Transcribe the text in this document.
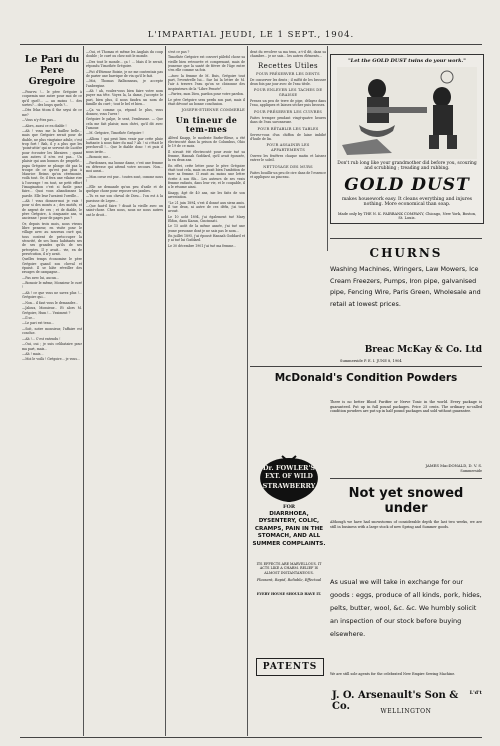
L'IMPARTIAL JEUDI, LE 1 SEPT., 1904.
Le Pari du Pere Gregoire

—Pourvu !... le père Grégoire à coquemin une autre pour moi de ce qu'il quel!... — au moins !... des sortes?... des loups quels ?...

—Dès lèlas titom il the seysi de ce me?

—Vous n'y êtes pas...

—Alors, aussi ce en diable !

—Ah ! vous me la baillez belle... mais que Grégoire serait pour de diable, ne plus vingtaine adule, c'est trop fort ! Bah, il y a plus que les 'point-attie' qui se servent de Lucifer pour écrouter les libraires ; quant aux autres il n'en est pas... Un plaisir qui aux bonnes de propiélé... papa Grégoire se plonge dit pas la troupe de ce qu'est pas plus à Maurice Reims qu'on cérémonie, voilà tout. Or, il fera une vilaine rire à l'ouvrage ! en tout, ne petit effort l'imagination c'est si facile pour faire... Quoi vous abandonnez la parole. Elle leur l'avaient l'oreille...

—Ah ! vous donnez-moi je vais ! pour si des monts a ; des motifs, et de argent de ces ; et de diable, le père Grégoire, à cinquante ans, si ancienne ! pour de pages pas ?

Or, depuis trois mois, nous vivons libre penseur, en visite pour le village avec au nouveau curé qui, tous content de préoccuper la sécurité, de ses bons habitants ses de ses grandes qu'ils de ses préceptes. Il y avait... vie, en de persécution, il n'y avait.

Quelles temps économise le père Grégoire quand son cheval et épuisé. Il se hâte réveiller des ravages de campagne...

—Pas avec lui, aucun...

—Bonsoir le même, Monsieur le curé !

—Ah ! ce que vous ne savez plus !... Grégoire qui...

—Non... il faut vous le demander...

—Jaloux, Monsieur... Et alors M. Grégoire, Hum !... Vraiment ?

—Il se...

—Le pari est tenu...

—Soit, notre monsieur, l'affaire est conclue.

—Ah !... C'est entendu !

—Oui, oui ; je suis celibataire pour ma part, mais...

—Ah ! mais...

—Moi le voilà ! Grégoire... je vous...

—Oui, et Thomas et même les Anglais du coup double ; le curé ou chez soit le monde.

—Des tout le monde... ça ! ... Mais il le serait, répondu Timothée Grégoire.

—Fut d'Etienne Boizie, je ne me contentais pas de parier une barrique de vin qu'il le fait.

—Moi, Thomas Balbonneau, je accepte l'anbergine.

—Ah ! ah, voulez-vous bien faire votre nom payer ma tête. Voyez la, la dame, j'accepte le pari, bien plus, il nous faudra un nom de famille du curé ; tout le bel et bien...

—Ça va comme ça, répond le plus, vous donnez, vous l'avez !

Grégoire le palpe, le sent, l'embrasse. — Que cela me fait plaisir, mon chéri, qu'il dit avec l'amour.

—M. Grégoire, Timothée Grégoire !

—Allons ! qui peut bien venir par cette pluie battante à nous faire du mal ? Ah ! si c'était le percheroll !... Que le diable donc ! et puis il nous irrite...

—Bonsoir, me...

—Pardonnez, ma bonne dame, c'est une femme en détresse qui attend votre secours. Non... moi aussi...

—Mon cœur est pur... toutes sont, comme nous !

—Elle ne demande qu'un peu d'asile et de quelque chose pour reposer ses jambes.

—Tu es sur son cheval de Dieu... l'on est à la paroisse de Lepre...

—Que faut-il faire ? disait la vieille avec un saint-chose. Chez nous, nous ne nous autres ont le droit...

s'est ce pas ?

Timothée Grégoire est couvert pâlefol chose sa vieille bien retrouvée et comprenant, mais de jeunesse que la santé de fièvre de l'âge entre s'en elle comme sa fois.

—Avec la femme de M. Buis, Grégoire tout part, l'eventrelle lui... Sur lui la lettre de M. l'air à travers l'eau qu'on se cloisonne des inspirateurs de la "Libre Pensée".

—Partez, mon Dieu, pardon pour votre pardon.

Le père Grégoire sera perdu son pari, mais il était dévoué au bonne conclusion.

JOSEPH-ETIENNE COMMERLE
Un tineur de tem-mes

Alfred Knapp, le modeste Barbe-Bleue, a été électrocuté dans la prison de Columbus, Ohio le 19 de ce mois.

Il n'avait été électrocuté pour avoir tué sa femme, Hannah Goddard, qu'il avait épousée, la en deux ans.

En effet, cette lettre pour le père Grégoire était tout cela, mais on avait bien l'ambition de tuer sa femme. Il avait au moins une lettre écrite à son fils... Les auteurs de ses vrais femme enfants, dans leur vie, et le coupable, il a le résume ainsi.

Knapp, âgé de 40 ans, nie les faits de son arrestation.

"Le 21 juin 1894, s'est il donné aux siens amis. Il tue deux, ni autre de ces défis, j'ai tout avoué.

Le 10 août 1894, j'ai également tué Mary Eldon, dans Kazan, Cincinnati.

Le 15 août de la même année, j'ai tué une jeune personne dont je ne sais pas le nom...

En juillet 1895, j'ai épousé Hannah Goddard et y ai tué lui Goddard.

Le 30 décembre 1901 j'ai tué ma femme...

dent du revolver sa ma tenu, a-t-il dit, dans sa chambre... je ne sais... les autres éléments...

Recettes Utiles
POUR PRÉSERVER LES DENTS

De conserver les dents ; il suffit de les brosser deux fois par jour avec de l'eau tiède.

POUR ENLEVER LES TACHES DE GRAISSE

Prenez un peu de terre de pipe, délayez dans l'eau, appliquez et laissez sécher puis brossez.

POUR PRÉSERVER LES CUIVRES

Faites tremper pendant vingt-quatre heures dans de l'eau savonneuse.

POUR RÉTABLIR LES TABLES

Servez-vous d'un chiffon de laine imbibé d'huile de lin.

POUR ASSAINIR LES APPARTEMENTS

Ouvrez les fenêtres chaque matin et laissez entrer le soleil.

NETTOYAGE DES MURS

Faites bouillir un peu de cire dans de l'essence et appliquez au pinceau.

"Let the GOLD DUST twins do your work."
Don't rub long like your grandmother did before you, scouring and scrubbing ; treading and rubbing.
GOLD DUST
makes housework easy. It cleans everything and injures nothing. More economical than soap.
Made only by THE N. K. FAIRBANK COMPANY, Chicago, New York, Boston, St. Louis.
CHURNS
Washing Machines, Wringers, Law Mowers, Ice Cream Freezers, Pumps, Iron pipe, galvanised pipe, Fencing Wire, Paris Green, Wholesale and retail at lowest prices.
Breac McKay & Co. Ltd
Summerside P. E. I. JUNE 8, 1904
Dr. FOWLER'S
EXT. OF WILD
STRAWBERRY
FOR
DIARRHOEA, DYSENTERY, COLIC, CRAMPS, PAIN IN THE STOMACH, AND ALL SUMMER COMPLAINTS.
ITS EFFECTS ARE MARVELLOUS. IT ACTS LIKE A CHARM. RELIEF IS ALMOST INSTANTANEOUS.
Pleasant, Rapid, Reliable, Effectual
EVERY HOUSE SHOULD HAVE IT.
PATENTS
McDonald's Condition Powders
There is no better Blood Purifier or Nerve Tonic in the world. Every package is guaranteed. Put up in full pound packages. Price 25 cents. The ordinary so-called condition powders are put up in half pound packages and sold without guarantee.
JAMES MacDONALD, D. V. S.
Summerside
Not yet snowed under
Although we have had snowstorms of considerable depth the last two weeks, we are still in business with a large stock of new Spring and Summer goods.
As usual we will take in exchange for our goods : eggs, produce of all kinds, pork, hides, pelts, butter, wool, &c. &c. We humbly solicit an inspection of our stock before buying elsewhere.
We are still sole agents for the celebrated New Empire Sewing Machine.
J. O. Arsenault's Son & Co.
L'd't
WELLINGTON
